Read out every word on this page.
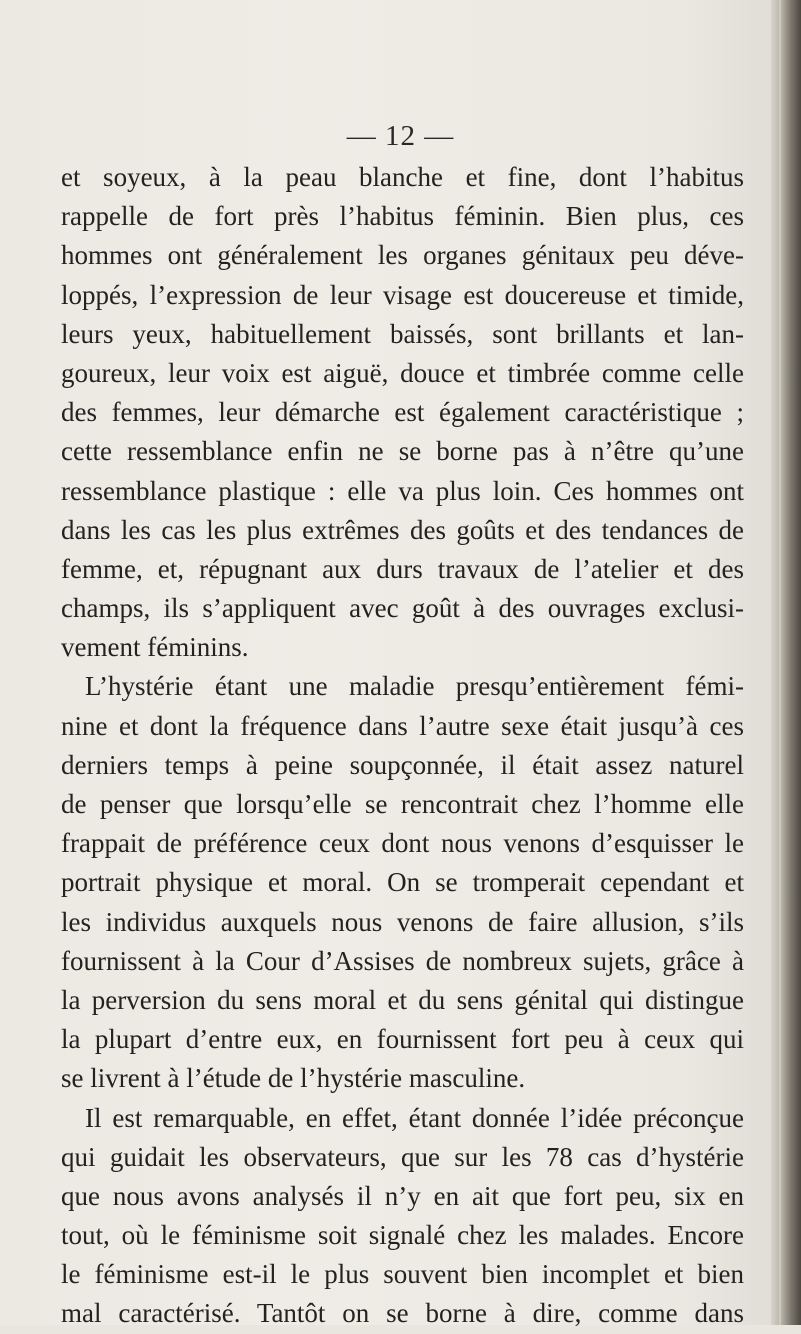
— 12 —
et soyeux, à la peau blanche et fine, dont l’habitus
rappelle de fort près l’habitus féminin. Bien plus, ces
hommes ont généralement les organes génitaux peu déve-
loppés, l’expression de leur visage est doucereuse et timide,
leurs yeux, habituellement baissés, sont brillants et lan-
goureux, leur voix est aiguë, douce et timbrée comme celle
des femmes, leur démarche est également caractéristique ;
cette ressemblance enfin ne se borne pas à n’être qu’une
ressemblance plastique : elle va plus loin. Ces hommes ont
dans les cas les plus extrêmes des goûts et des tendances de
femme, et, répugnant aux durs travaux de l’atelier et des
champs, ils s’appliquent avec goût à des ouvrages exclusi-
vement féminins.
L’hystérie étant une maladie presqu’entièrement fémi-
nine et dont la fréquence dans l’autre sexe était jusqu’à ces
derniers temps à peine soupçonnée, il était assez naturel
de penser que lorsqu’elle se rencontrait chez l’homme elle
frappait de préférence ceux dont nous venons d’esquisser le
portrait physique et moral. On se tromperait cependant et
les individus auxquels nous venons de faire allusion, s’ils
fournissent à la Cour d’Assises de nombreux sujets, grâce à
la perversion du sens moral et du sens génital qui distingue
la plupart d’entre eux, en fournissent fort peu à ceux qui
se livrent à l’étude de l’hystérie masculine.
Il est remarquable, en effet, étant donnée l’idée préconçue
qui guidait les observateurs, que sur les 78 cas d’hystérie
que nous avons analysés il n’y en ait que fort peu, six en
tout, où le féminisme soit signalé chez les malades. Encore
le féminisme est-il le plus souvent bien incomplet et bien
mal caractérisé. Tantôt on se borne à dire, comme dans
